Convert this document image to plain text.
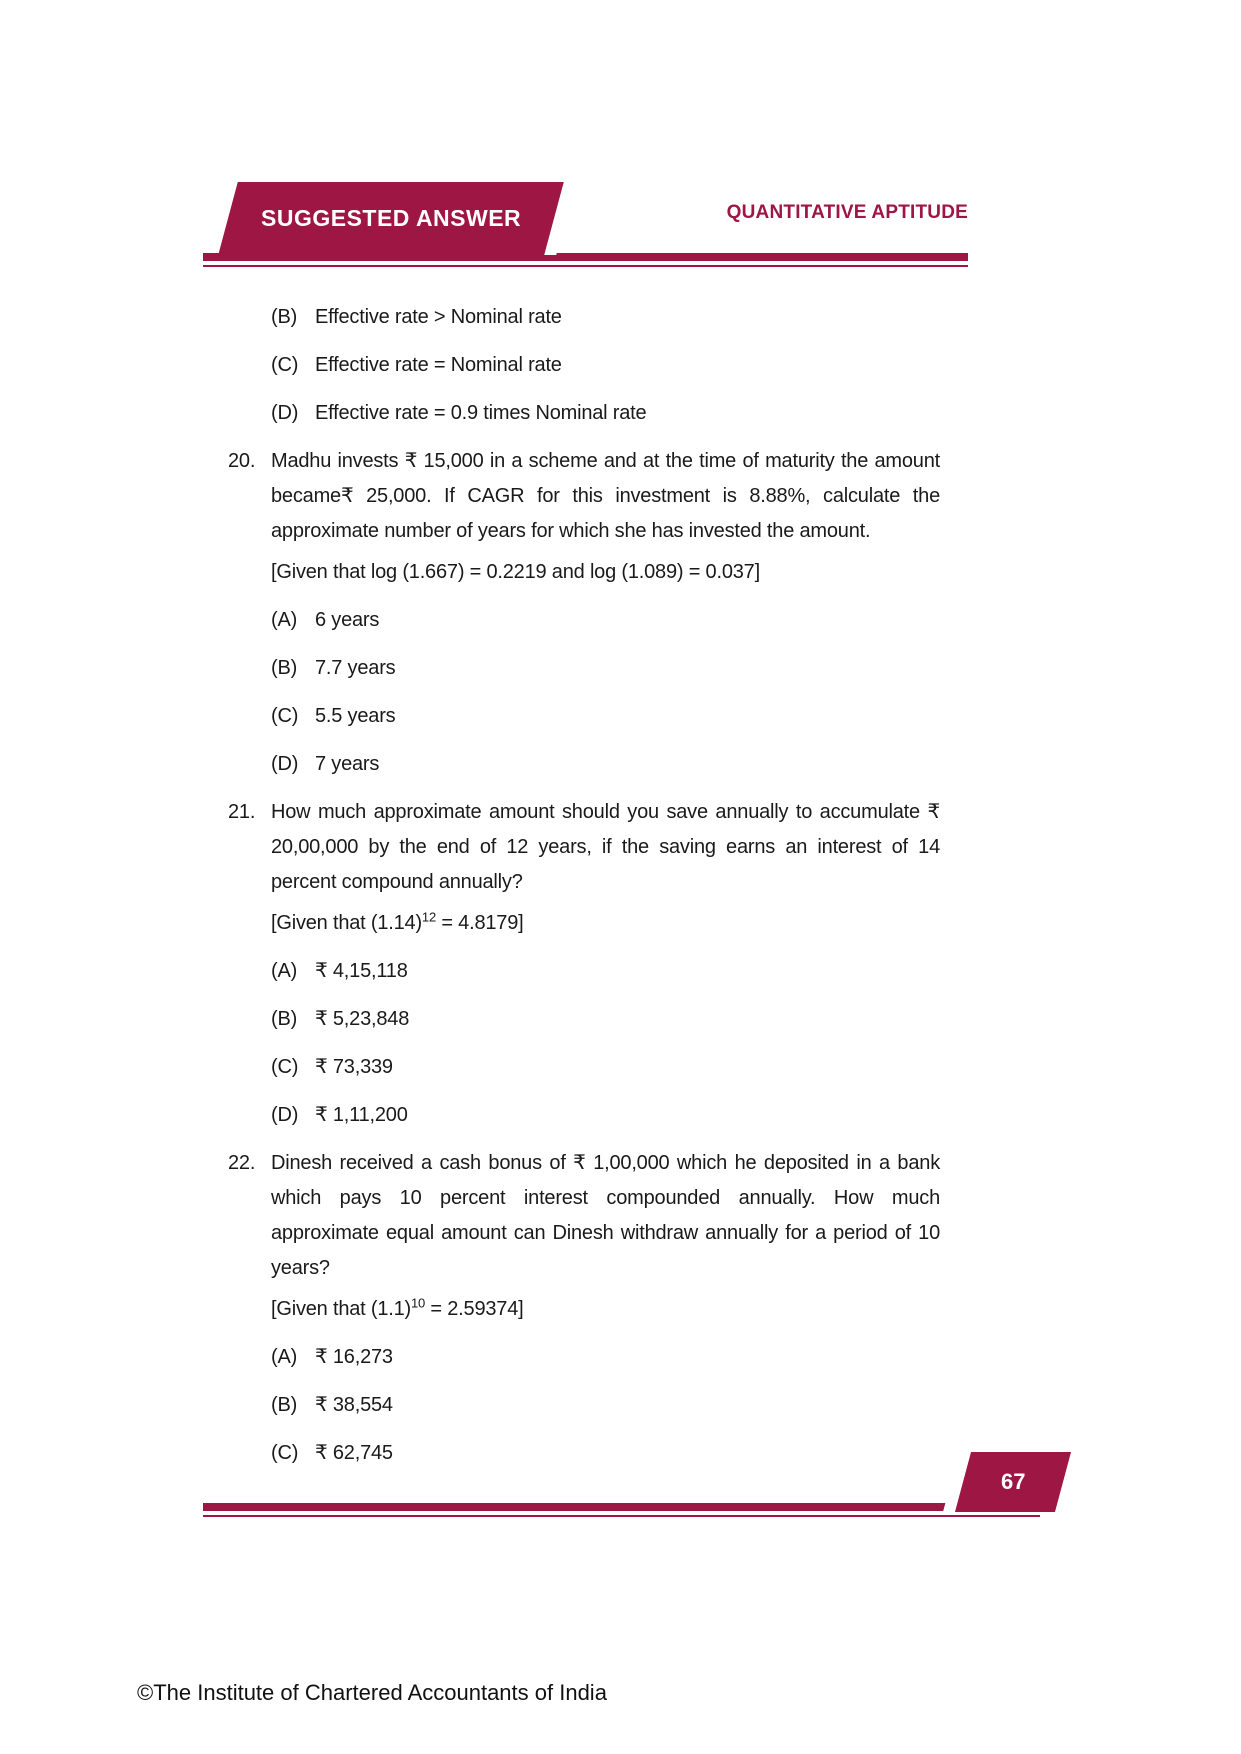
SUGGESTED ANSWER	QUANTITATIVE APTITUDE
(B) Effective rate > Nominal rate
(C) Effective rate = Nominal rate
(D) Effective rate = 0.9 times Nominal rate
20. Madhu invests ₹ 15,000 in a scheme and at the time of maturity the amount became₹ 25,000. If CAGR for this investment is 8.88%, calculate the approximate number of years for which she has invested the amount.

[Given that log (1.667) = 0.2219 and log (1.089) = 0.037]

(A) 6 years
(B) 7.7 years
(C) 5.5 years
(D) 7 years
21. How much approximate amount should you save annually to accumulate ₹ 20,00,000 by the end of 12 years, if the saving earns an interest of 14 percent compound annually?

[Given that $(1.14)^{12} = 4.8179$]

(A) ₹ 4,15,118
(B) ₹ 5,23,848
(C) ₹ 73,339
(D) ₹ 1,11,200
22. Dinesh received a cash bonus of ₹ 1,00,000 which he deposited in a bank which pays 10 percent interest compounded annually. How much approximate equal amount can Dinesh withdraw annually for a period of 10 years?

[Given that $(1.1)^{10} = 2.59374$]

(A) ₹ 16,273
(B) ₹ 38,554
(C) ₹ 62,745
67
©The Institute of Chartered Accountants of India
